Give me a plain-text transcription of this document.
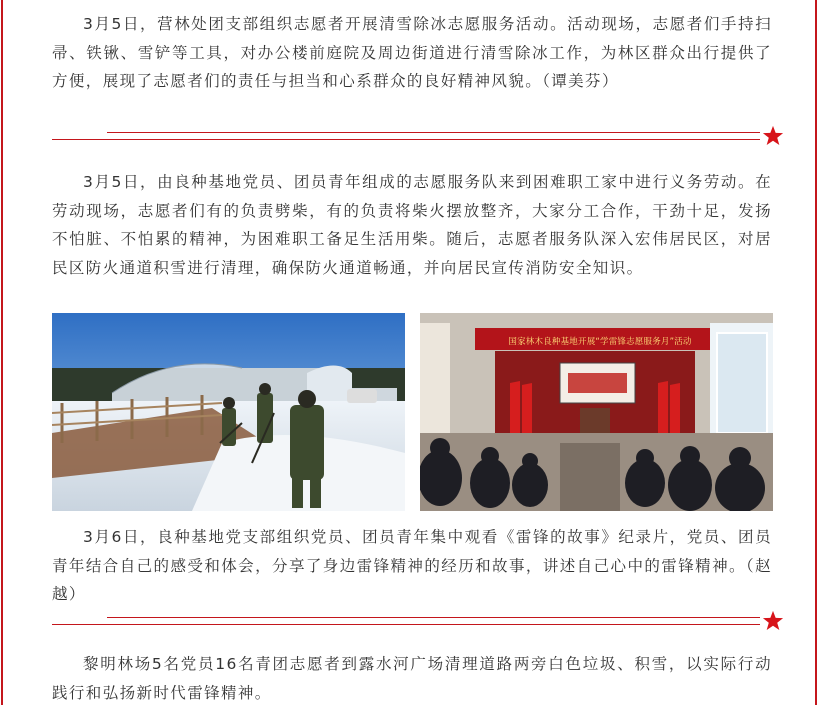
3月5日，营林处团支部组织志愿者开展清雪除冰志愿服务活动。活动现场，志愿者们手持扫帚、铁锹、雪铲等工具，对办公楼前庭院及周边街道进行清雪除冰工作，为林区群众出行提供了方便，展现了志愿者们的责任与担当和心系群众的良好精神风貌。（谭美芬）

3月5日，由良种基地党员、团员青年组成的志愿服务队来到困难职工家中进行义务劳动。在劳动现场，志愿者们有的负责劈柴，有的负责将柴火摆放整齐，大家分工合作，干劲十足，发扬不怕脏、不怕累的精神，为困难职工备足生活用柴。随后，志愿者服务队深入宏伟居民区，对居民区防火通道积雪进行清理，确保防火通道畅通，并向居民宣传消防安全知识。

国家林木良种基地开展“学雷锋志愿服务月”活动

3月6日，良种基地党支部组织党员、团员青年集中观看《雷锋的故事》纪录片，党员、团员青年结合自己的感受和体会，分享了身边雷锋精神的经历和故事，讲述自己心中的雷锋精神。（赵越）

黎明林场5名党员16名青团志愿者到露水河广场清理道路两旁白色垃圾、积雪，以实际行动践行和弘扬新时代雷锋精神。
